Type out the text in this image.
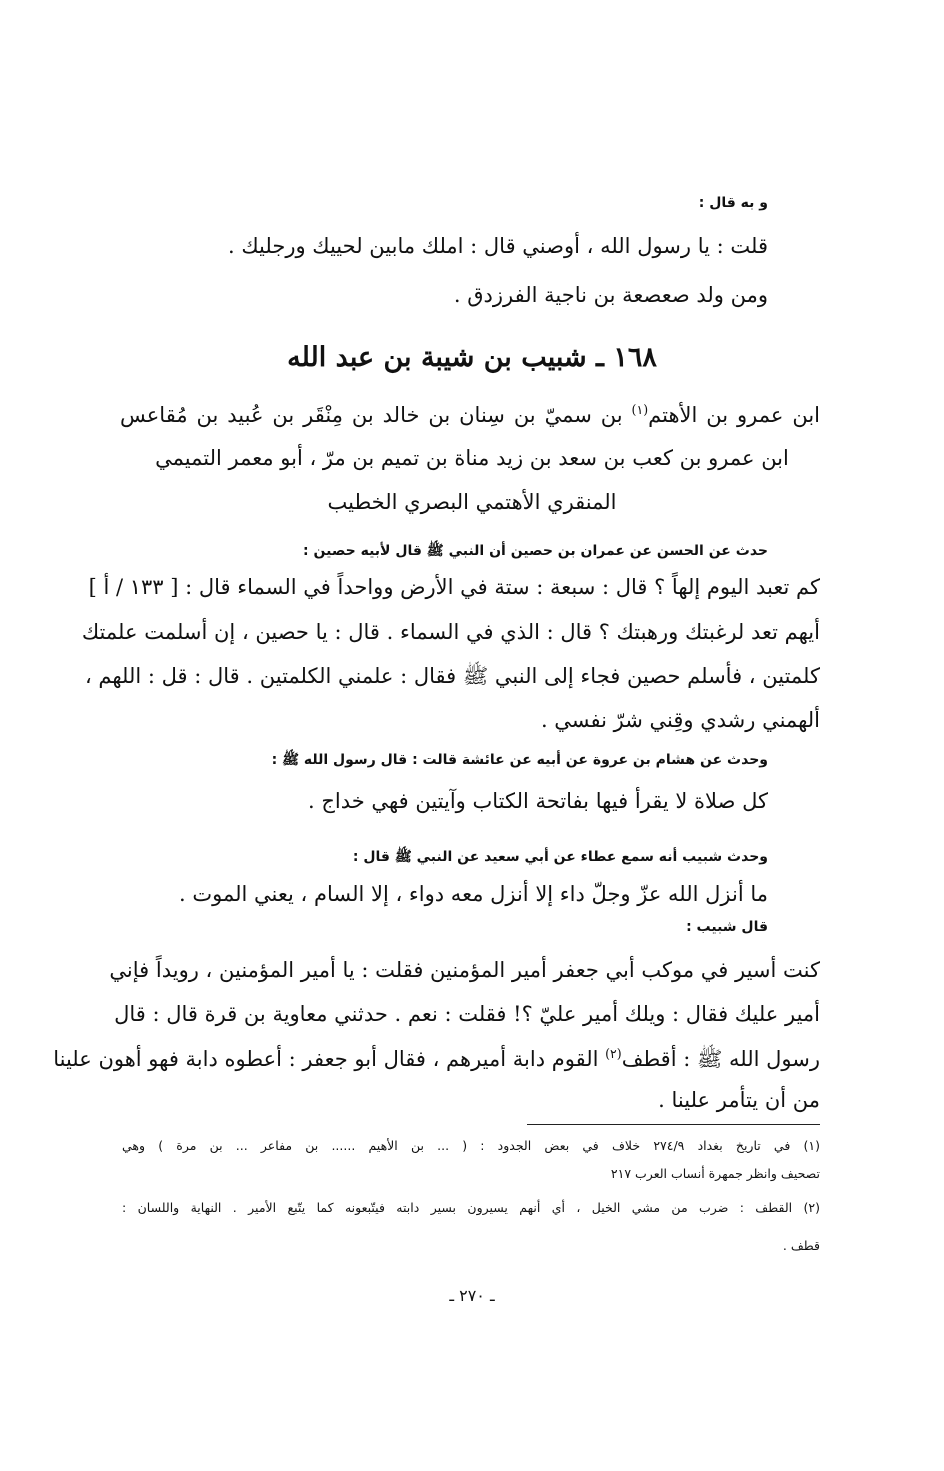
و به قال :
قلت : يا رسول الله ، أوصني قال : املك مابين لحييك ورجليك .
ومن ولد صعصعة بن ناجية الفرزدق .
١٦٨ ـ شبيب بن شيبة بن عبد الله
ابن عمرو بن الأهتم$^{(١)}$ بن سميّ بن سِنان بن خالد بن مِنْقَر بن عُبيد بن مُقاعس
ابن عمرو بن كعب بن سعد بن زيد مناة بن تميم بن مرّ ، أبو معمر التميمي
المنقري الأهتمي البصري الخطيب
حدث عن الحسن عن عمران بن حصين أن النبي ﷺ قال لأبيه حصين :
كم تعبد اليوم إلهاً ؟ قال : سبعة : ستة في الأرض وواحداً في السماء قال : [ ١٣٣ / أ ]
أيهم تعد لرغبتك ورهبتك ؟ قال : الذي في السماء . قال : يا حصين ، إن أسلمت علمتك
كلمتين ، فأسلم حصين فجاء إلى النبي ﷺ فقال : علمني الكلمتين . قال : قل : اللهم ،
ألهمني رشدي وقِني شرّ نفسي .
وحدث عن هشام بن عروة عن أبيه عن عائشة قالت : قال رسول الله ﷺ :
كل صلاة لا يقرأ فيها بفاتحة الكتاب وآيتين فهي خداج .
وحدث شبيب أنه سمع عطاء عن أبي سعيد عن النبي ﷺ قال :
ما أنزل الله عزّ وجلّ داء إلا أنزل معه دواء ، إلا السام ، يعني الموت .
قال شبيب :
كنت أسير في موكب أبي جعفر أمير المؤمنين فقلت : يا أمير المؤمنين ، رويداً فإني
أمير عليك فقال : ويلك أمير عليّ ؟! فقلت : نعم . حدثني معاوية بن قرة قال : قال
رسول الله ﷺ : أقطف$^{(٢)}$ القوم دابة أميرهم ، فقال أبو جعفر : أعطوه دابة فهو أهون علينا
من أن يتأمر علينا .
(١) في تاريخ بغداد ٢٧٤/٩ خلاف في بعض الجدود : ( ... بن الأهيم ...... بن مفاعر ... بن مرة ) وهي
تصحيف وانظر جمهرة أنساب العرب ٢١٧
(٢) القطف : ضرب من مشي الخيل ، أي أنهم يسيرون بسير دابته فيتّبعونه كما يتّبع الأمير . النهاية واللسان :
قطف .
ـ ٢٧٠ ـ
